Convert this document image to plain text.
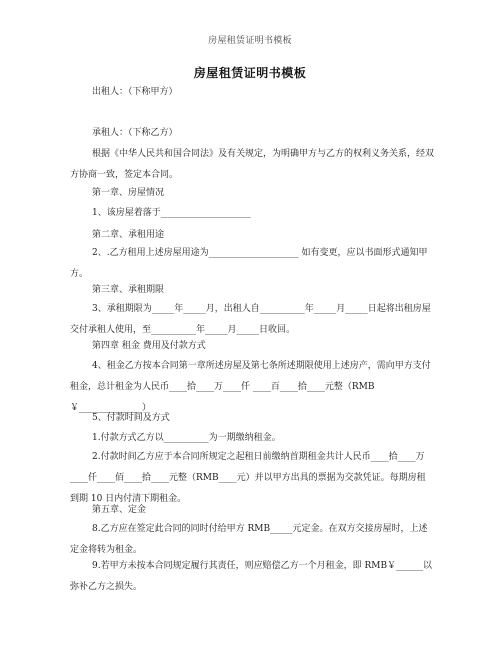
房屋租赁证明书模板
房屋租赁证明书模板
出租人：（下称甲方）
承租人：（下称乙方）
根据《中华人民共和国合同法》及有关规定，为明确甲方与乙方的权利义务关系，经双方协商一致，签定本合同。
第一章、房屋情况
1、该房屋着落于____________________
第二章、承租用途
2、.乙方租用上述房屋用途为____________________ 如有变更，应以书面形式通知甲方。
第三章、承租期限
3、承租期限为_____年_____月，出租人自__________年_____月_____日起将出租房屋交付承租人使用，至__________年_____月_____日收回。
第四章 租金 费用及付款方式
4、租金乙方按本合同第一章所述房屋及第七条所述期限使用上述房产，需向甲方支付租金，总计租金为人民币____拾____万____仟 ____百____拾____元整（RMB ￥______________）
5、付款时间及方式
1.付款方式乙方以__________为一期缴纳租金。
2.付款时间乙方应于本合同所规定之起租日前缴纳首期租金共计人民币____拾____万____仟____佰____拾____元整（RMB____元）并以甲方出具的票据为交款凭证。每期房租到期 10 日内付清下期租金。
第五章、定金
8.乙方应在签定此合同的同时付给甲方 RMB_____元定金。在双方交接房屋时，上述定金将转为租金。
9.若甲方未按本合同规定履行其责任，则应赔偿乙方一个月租金，即 RMB￥______以弥补乙方之损失。
